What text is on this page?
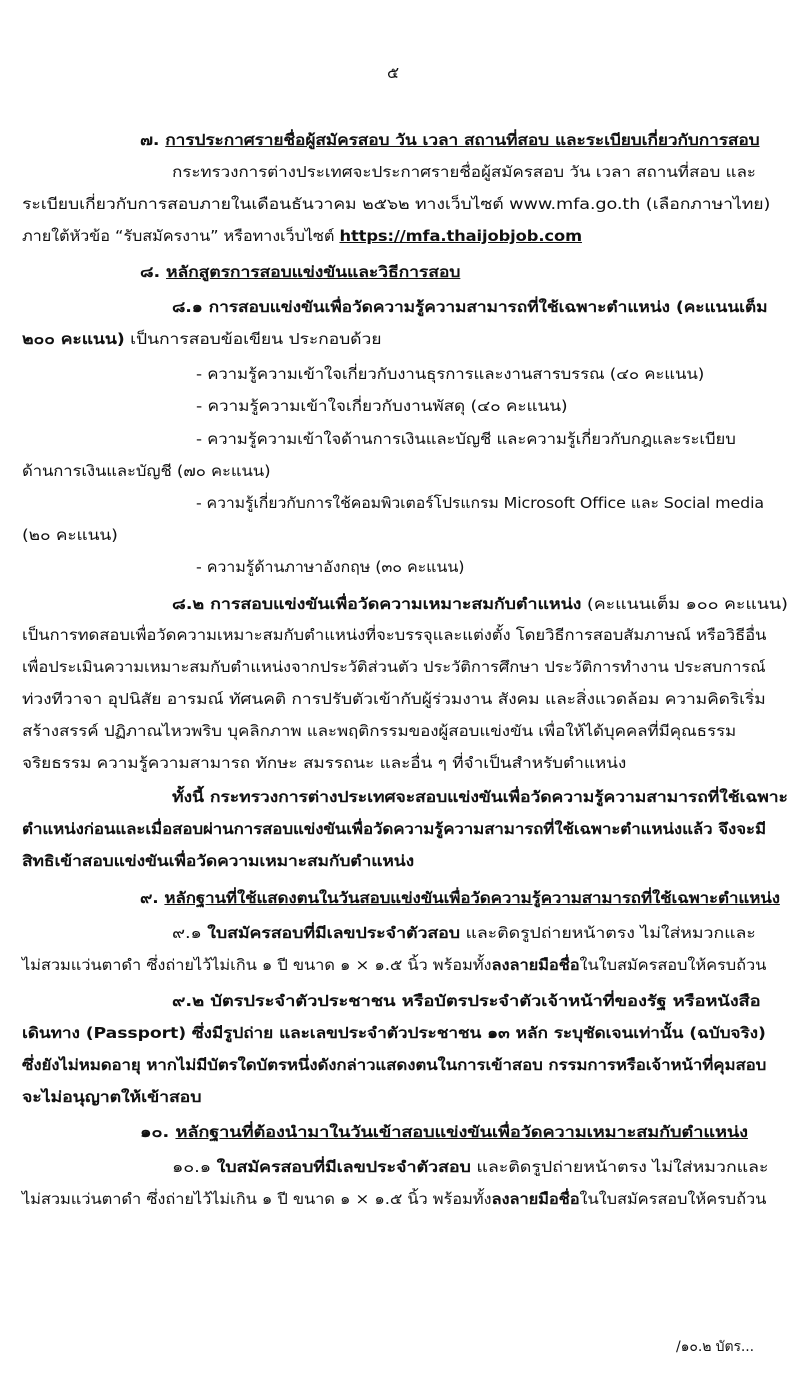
๕
๗. การประกาศรายชื่อผู้สมัครสอบ วัน เวลา สถานที่สอบ และระเบียบเกี่ยวกับการสอบ
กระทรวงการต่างประเทศจะประกาศรายชื่อผู้สมัครสอบ วัน เวลา สถานที่สอบ และ
ระเบียบเกี่ยวกับการสอบภายในเดือนธันวาคม ๒๕๖๒ ทางเว็บไซต์ www.mfa.go.th (เลือกภาษาไทย)
ภายใต้หัวข้อ “รับสมัครงาน” หรือทางเว็บไซต์ https://mfa.thaijobjob.com
๘. หลักสูตรการสอบแข่งขันและวิธีการสอบ
๘.๑ การสอบแข่งขันเพื่อวัดความรู้ความสามารถที่ใช้เฉพาะตำแหน่ง (คะแนนเต็ม
๒๐๐ คะแนน) เป็นการสอบข้อเขียน ประกอบด้วย
- ความรู้ความเข้าใจเกี่ยวกับงานธุรการและงานสารบรรณ (๔๐ คะแนน)
- ความรู้ความเข้าใจเกี่ยวกับงานพัสดุ (๔๐ คะแนน)
- ความรู้ความเข้าใจด้านการเงินและบัญชี และความรู้เกี่ยวกับกฎและระเบียบ
ด้านการเงินและบัญชี (๗๐ คะแนน)
- ความรู้เกี่ยวกับการใช้คอมพิวเตอร์โปรแกรม Microsoft Office และ Social media
(๒๐ คะแนน)
- ความรู้ด้านภาษาอังกฤษ (๓๐ คะแนน)
๘.๒ การสอบแข่งขันเพื่อวัดความเหมาะสมกับตำแหน่ง (คะแนนเต็ม ๑๐๐ คะแนน)
เป็นการทดสอบเพื่อวัดความเหมาะสมกับตำแหน่งที่จะบรรจุและแต่งตั้ง โดยวิธีการสอบสัมภาษณ์ หรือวิธีอื่น
เพื่อประเมินความเหมาะสมกับตำแหน่งจากประวัติส่วนตัว ประวัติการศึกษา ประวัติการทำงาน ประสบการณ์
ท่วงทีวาจา อุปนิสัย อารมณ์ ทัศนคติ การปรับตัวเข้ากับผู้ร่วมงาน สังคม และสิ่งแวดล้อม ความคิดริเริ่ม
สร้างสรรค์ ปฏิภาณไหวพริบ บุคลิกภาพ และพฤติกรรมของผู้สอบแข่งขัน เพื่อให้ได้บุคคลที่มีคุณธรรม
จริยธรรม ความรู้ความสามารถ ทักษะ สมรรถนะ และอื่น ๆ ที่จำเป็นสำหรับตำแหน่ง
ทั้งนี้ กระทรวงการต่างประเทศจะสอบแข่งขันเพื่อวัดความรู้ความสามารถที่ใช้เฉพาะ
ตำแหน่งก่อนและเมื่อสอบผ่านการสอบแข่งขันเพื่อวัดความรู้ความสามารถที่ใช้เฉพาะตำแหน่งแล้ว จึงจะมี
สิทธิเข้าสอบแข่งขันเพื่อวัดความเหมาะสมกับตำแหน่ง
๙. หลักฐานที่ใช้แสดงตนในวันสอบแข่งขันเพื่อวัดความรู้ความสามารถที่ใช้เฉพาะตำแหน่ง
๙.๑ ใบสมัครสอบที่มีเลขประจำตัวสอบ และติดรูปถ่ายหน้าตรง ไม่ใส่หมวกและ
ไม่สวมแว่นตาดำ ซึ่งถ่ายไว้ไม่เกิน ๑ ปี ขนาด ๑ × ๑.๕ นิ้ว พร้อมทั้งลงลายมือชื่อในใบสมัครสอบให้ครบถ้วน
๙.๒ บัตรประจำตัวประชาชน หรือบัตรประจำตัวเจ้าหน้าที่ของรัฐ หรือหนังสือ
เดินทาง (Passport) ซึ่งมีรูปถ่าย และเลขประจำตัวประชาชน ๑๓ หลัก ระบุชัดเจนเท่านั้น (ฉบับจริง)
ซึ่งยังไม่หมดอายุ หากไม่มีบัตรใดบัตรหนึ่งดังกล่าวแสดงตนในการเข้าสอบ กรรมการหรือเจ้าหน้าที่คุมสอบ
จะไม่อนุญาตให้เข้าสอบ
๑๐. หลักฐานที่ต้องนำมาในวันเข้าสอบแข่งขันเพื่อวัดความเหมาะสมกับตำแหน่ง
๑๐.๑ ใบสมัครสอบที่มีเลขประจำตัวสอบ และติดรูปถ่ายหน้าตรง ไม่ใส่หมวกและ
ไม่สวมแว่นตาดำ ซึ่งถ่ายไว้ไม่เกิน ๑ ปี ขนาด ๑ × ๑.๕ นิ้ว พร้อมทั้งลงลายมือชื่อในใบสมัครสอบให้ครบถ้วน
/๑๐.๒ บัตร...
